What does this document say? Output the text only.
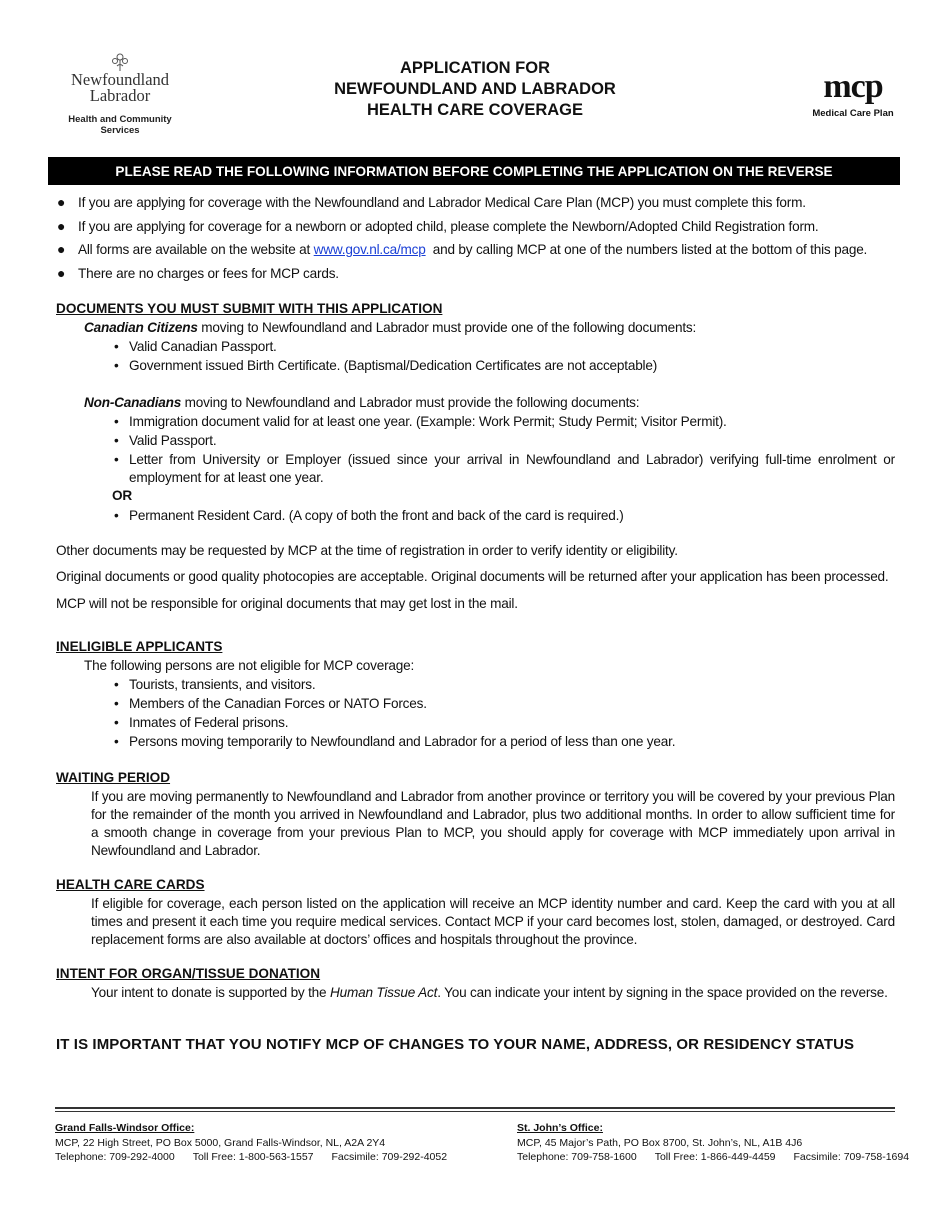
Newfoundland
Labrador
Health and Community Services
APPLICATION FOR
NEWFOUNDLAND AND LABRADOR
HEALTH CARE COVERAGE
mcp
Medical Care Plan
PLEASE READ THE FOLLOWING INFORMATION BEFORE COMPLETING THE APPLICATION ON THE REVERSE
● If you are applying for coverage with the Newfoundland and Labrador Medical Care Plan (MCP) you must complete this form.
● If you are applying for coverage for a newborn or adopted child, please complete the Newborn/Adopted Child Registration form.
● All forms are available on the website at www.gov.nl.ca/mcp  and by calling MCP at one of the numbers listed at the bottom of this page.
● There are no charges or fees for MCP cards.
DOCUMENTS YOU MUST SUBMIT WITH THIS APPLICATION
Canadian Citizens moving to Newfoundland and Labrador must provide one of the following documents:
• Valid Canadian Passport.
• Government issued Birth Certificate. (Baptismal/Dedication Certificates are not acceptable)
Non-Canadians moving to Newfoundland and Labrador must provide the following documents:
• Immigration document valid for at least one year. (Example: Work Permit; Study Permit; Visitor Permit).
• Valid Passport.
• Letter from University or Employer (issued since your arrival in Newfoundland and Labrador) verifying full-time enrolment or employment for at least one year.
OR
• Permanent Resident Card. (A copy of both the front and back of the card is required.)
Other documents may be requested by MCP at the time of registration in order to verify identity or eligibility.
Original documents or good quality photocopies are acceptable. Original documents will be returned after your application has been processed.
MCP will not be responsible for original documents that may get lost in the mail.
INELIGIBLE APPLICANTS
The following persons are not eligible for MCP coverage:
• Tourists, transients, and visitors.
• Members of the Canadian Forces or NATO Forces.
• Inmates of Federal prisons.
• Persons moving temporarily to Newfoundland and Labrador for a period of less than one year.
WAITING PERIOD
If you are moving permanently to Newfoundland and Labrador from another province or territory you will be covered by your previous Plan for the remainder of the month you arrived in Newfoundland and Labrador, plus two additional months. In order to allow sufficient time for a smooth change in coverage from your previous Plan to MCP, you should apply for coverage with MCP immediately upon arrival in Newfoundland and Labrador.
HEALTH CARE CARDS
If eligible for coverage, each person listed on the application will receive an MCP identity number and card. Keep the card with you at all times and present it each time you require medical services. Contact MCP if your card becomes lost, stolen, damaged, or destroyed. Card replacement forms are also available at doctors’ offices and hospitals throughout the province.
INTENT FOR ORGAN/TISSUE DONATION
Your intent to donate is supported by the Human Tissue Act. You can indicate your intent by signing in the space provided on the reverse.
IT IS IMPORTANT THAT YOU NOTIFY MCP OF CHANGES TO YOUR NAME, ADDRESS, OR RESIDENCY STATUS
Grand Falls-Windsor Office:
MCP, 22 High Street, PO Box 5000, Grand Falls-Windsor, NL, A2A 2Y4
Telephone: 709-292-4000 Toll Free: 1-800-563-1557 Facsimile: 709-292-4052
St. John’s Office:
MCP, 45 Major’s Path, PO Box 8700, St. John’s, NL, A1B 4J6
Telephone: 709-758-1600 Toll Free: 1-866-449-4459 Facsimile: 709-758-1694
